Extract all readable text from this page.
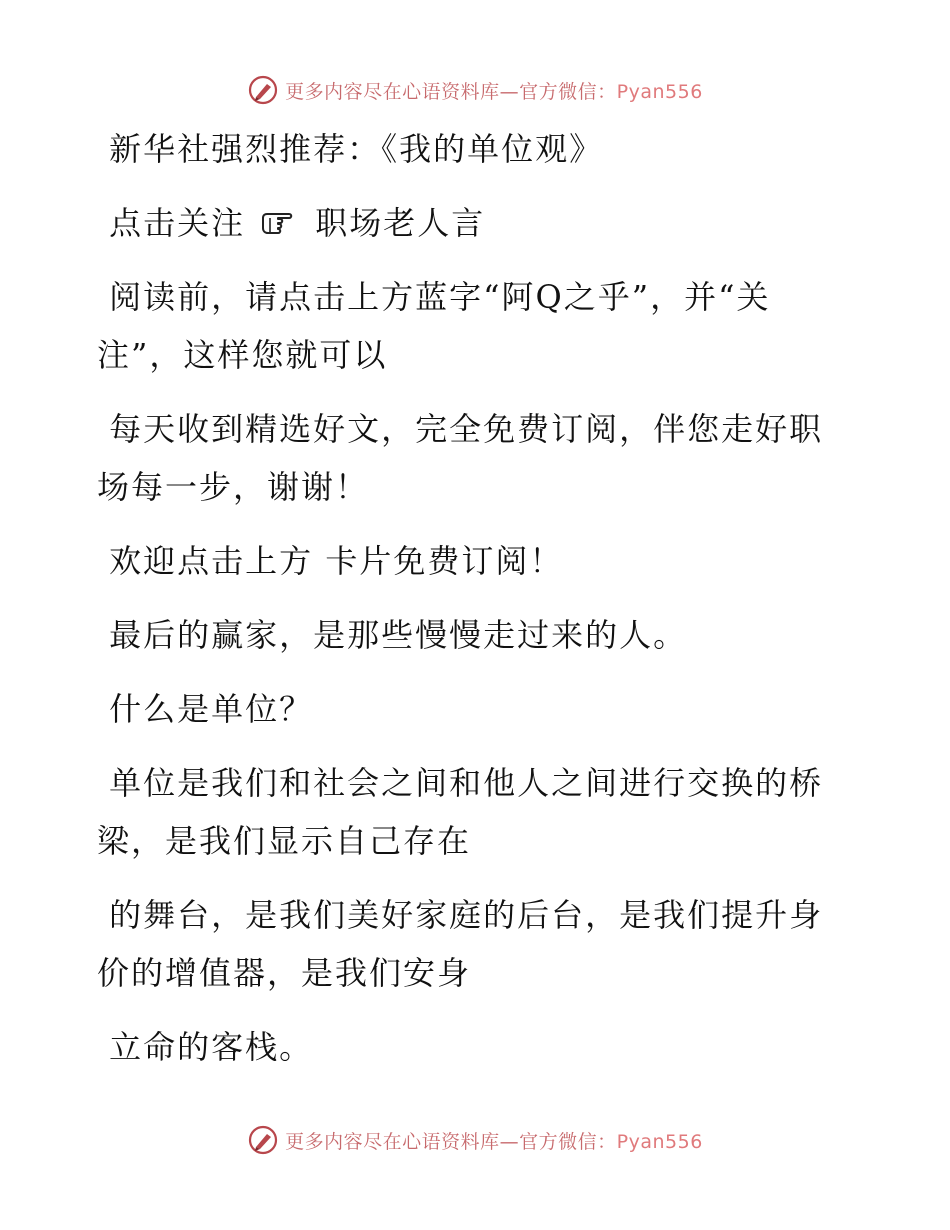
更多内容尽在心语资料库—官方微信：Pyan556

新华社强烈推荐：《我的单位观》

点击关注 职场老人言

阅读前，请点击上方蓝字“阿Q之乎”，并“关注”，这样您就可以

每天收到精选好文，完全免费订阅，伴您走好职场每一步，谢谢！

欢迎点击上方 卡片免费订阅！

最后的赢家，是那些慢慢走过来的人。

什么是单位？

单位是我们和社会之间和他人之间进行交换的桥梁，是我们显示自己存在

的舞台，是我们美好家庭的后台，是我们提升身价的增值器，是我们安身

立命的客栈。

更多内容尽在心语资料库—官方微信：Pyan556
